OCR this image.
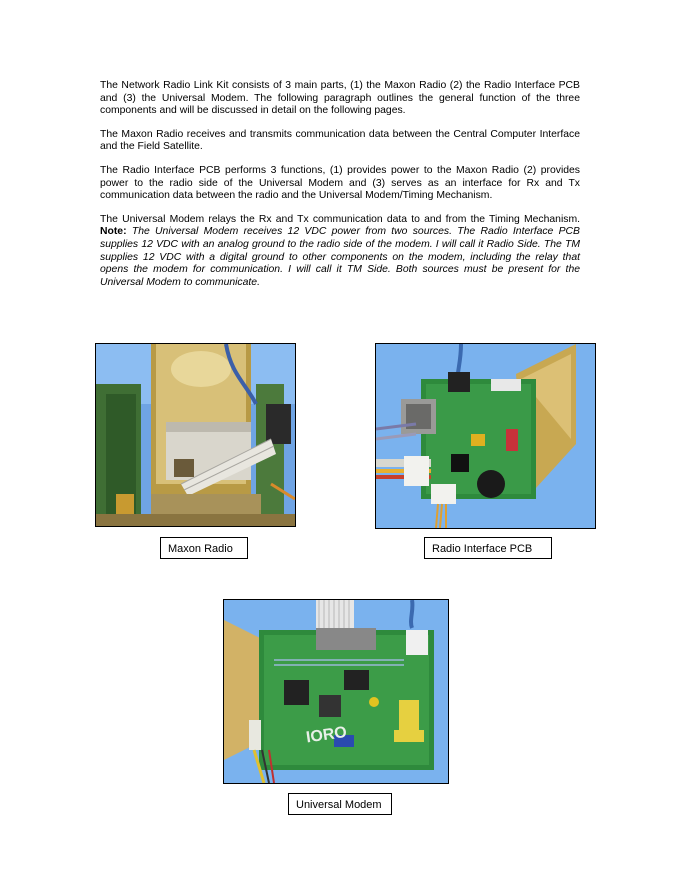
The Network Radio Link Kit consists of 3 main parts, (1) the Maxon Radio (2) the Radio Interface PCB and (3) the Universal Modem. The following paragraph outlines the general function of the three components and will be discussed in detail on the following pages.

The Maxon Radio receives and transmits communication data between the Central Computer Interface and the Field Satellite.

The Radio Interface PCB performs 3 functions, (1) provides power to the Maxon Radio (2) provides power to the radio side of the Universal Modem and (3) serves as an interface for Rx and Tx communication data between the radio and the Universal Modem/Timing Mechanism.

The Universal Modem relays the Rx and Tx communication data to and from the Timing Mechanism. Note: The Universal Modem receives 12 VDC power from two sources. The Radio Interface PCB supplies 12 VDC with an analog ground to the radio side of the modem. I will call it Radio Side. The TM supplies 12 VDC with a digital ground to other components on the modem, including the relay that opens the modem for communication. I will call it TM Side. Both sources must be present for the Universal Modem to communicate.

IORO
Maxon Radio	Radio Interface PCB
Universal Modem
